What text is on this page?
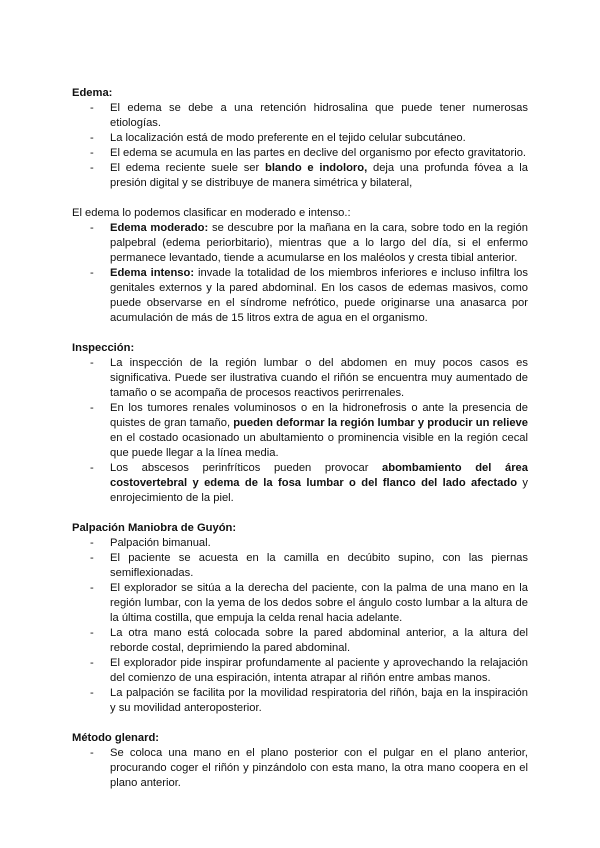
Edema:

- El edema se debe a una retención hidrosalina que puede tener numerosas etiologías.
- La localización está de modo preferente en el tejido celular subcutáneo.
- El edema se acumula en las partes en declive del organismo por efecto gravitatorio.
- El edema reciente suele ser blando e indoloro, deja una profunda fóvea a la presión digital y se distribuye de manera simétrica y bilateral,

El edema lo podemos clasificar en moderado e intenso.:

- Edema moderado: se descubre por la mañana en la cara, sobre todo en la región palpebral (edema periorbitario), mientras que a lo largo del día, si el enfermo permanece levantado, tiende a acumularse en los maléolos y cresta tibial anterior.
- Edema intenso: invade la totalidad de los miembros inferiores e incluso infiltra los genitales externos y la pared abdominal. En los casos de edemas masivos, como puede observarse en el síndrome nefrótico, puede originarse una anasarca por acumulación de más de 15 litros extra de agua en el organismo.

Inspección:

- La inspección de la región lumbar o del abdomen en muy pocos casos es significativa. Puede ser ilustrativa cuando el riñón se encuentra muy aumentado de tamaño o se acompaña de procesos reactivos perirrenales.
- En los tumores renales voluminosos o en la hidronefrosis o ante la presencia de quistes de gran tamaño, pueden deformar la región lumbar y producir un relieve en el costado ocasionado un abultamiento o prominencia visible en la región cecal que puede llegar a la línea media.
- Los abscesos perinfríticos pueden provocar abombamiento del área costovertebral y edema de la fosa lumbar o del flanco del lado afectado y enrojecimiento de la piel.

Palpación Maniobra de Guyón:

- Palpación bimanual.
- El paciente se acuesta en la camilla en decúbito supino, con las piernas semiflexionadas.
- El explorador se sitúa a la derecha del paciente, con la palma de una mano en la región lumbar, con la yema de los dedos sobre el ángulo costo lumbar a la altura de la última costilla, que empuja la celda renal hacia adelante.
- La otra mano está colocada sobre la pared abdominal anterior, a la altura del reborde costal, deprimiendo la pared abdominal.
- El explorador pide inspirar profundamente al paciente y aprovechando la relajación del comienzo de una espiración, intenta atrapar al riñón entre ambas manos.
- La palpación se facilita por la movilidad respiratoria del riñón, baja en la inspiración y su movilidad anteroposterior.

Método glenard:

- Se coloca una mano en el plano posterior con el pulgar en el plano anterior, procurando coger el riñón y pinzándolo con esta mano, la otra mano coopera en el plano anterior.
